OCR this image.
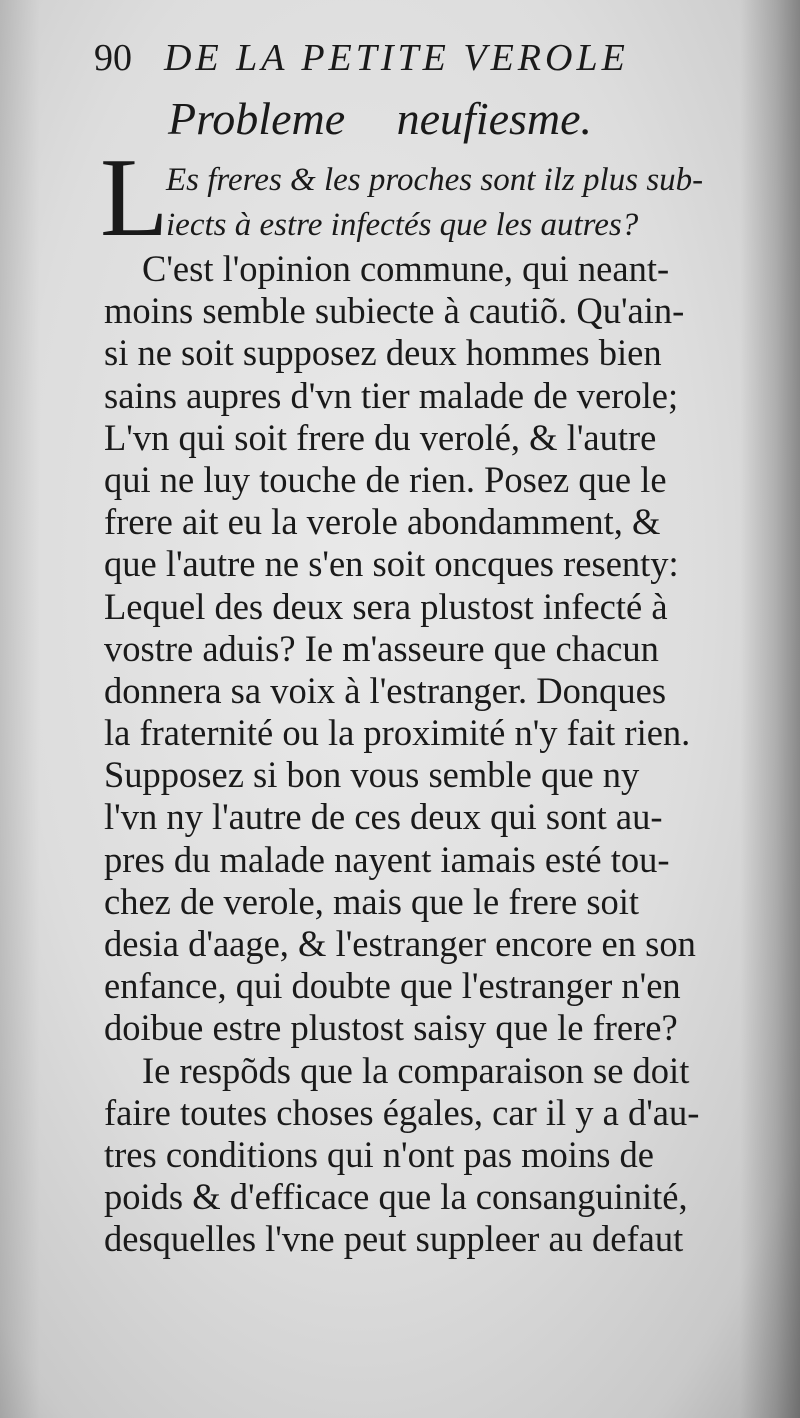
90 DE LA PETITE VEROLE
Probleme neufiesme.
L
Es freres & les proches sont ilz plus sub-
iects à estre infectés que les autres?
C'est l'opinion commune, qui neant-
moins semble subiecte à cautiõ. Qu'ain-
si ne soit supposez deux hommes bien
sains aupres d'vn tier malade de verole;
L'vn qui soit frere du verolé, & l'autre
qui ne luy touche de rien. Posez que le
frere ait eu la verole abondamment, &
que l'autre ne s'en soit oncques resenty:
Lequel des deux sera plustost infecté à
vostre aduis? Ie m'asseure que chacun
donnera sa voix à l'estranger. Donques
la fraternité ou la proximité n'y fait rien.
Supposez si bon vous semble que ny
l'vn ny l'autre de ces deux qui sont au-
pres du malade nayent iamais esté tou-
chez de verole, mais que le frere soit
desia d'aage, & l'estranger encore en son
enfance, qui doubte que l'estranger n'en
doibue estre plustost saisy que le frere?
Ie respõds que la comparaison se doit
faire toutes choses égales, car il y a d'au-
tres conditions qui n'ont pas moins de
poids & d'efficace que la consanguinité,
desquelles l'vne peut suppleer au defaut
